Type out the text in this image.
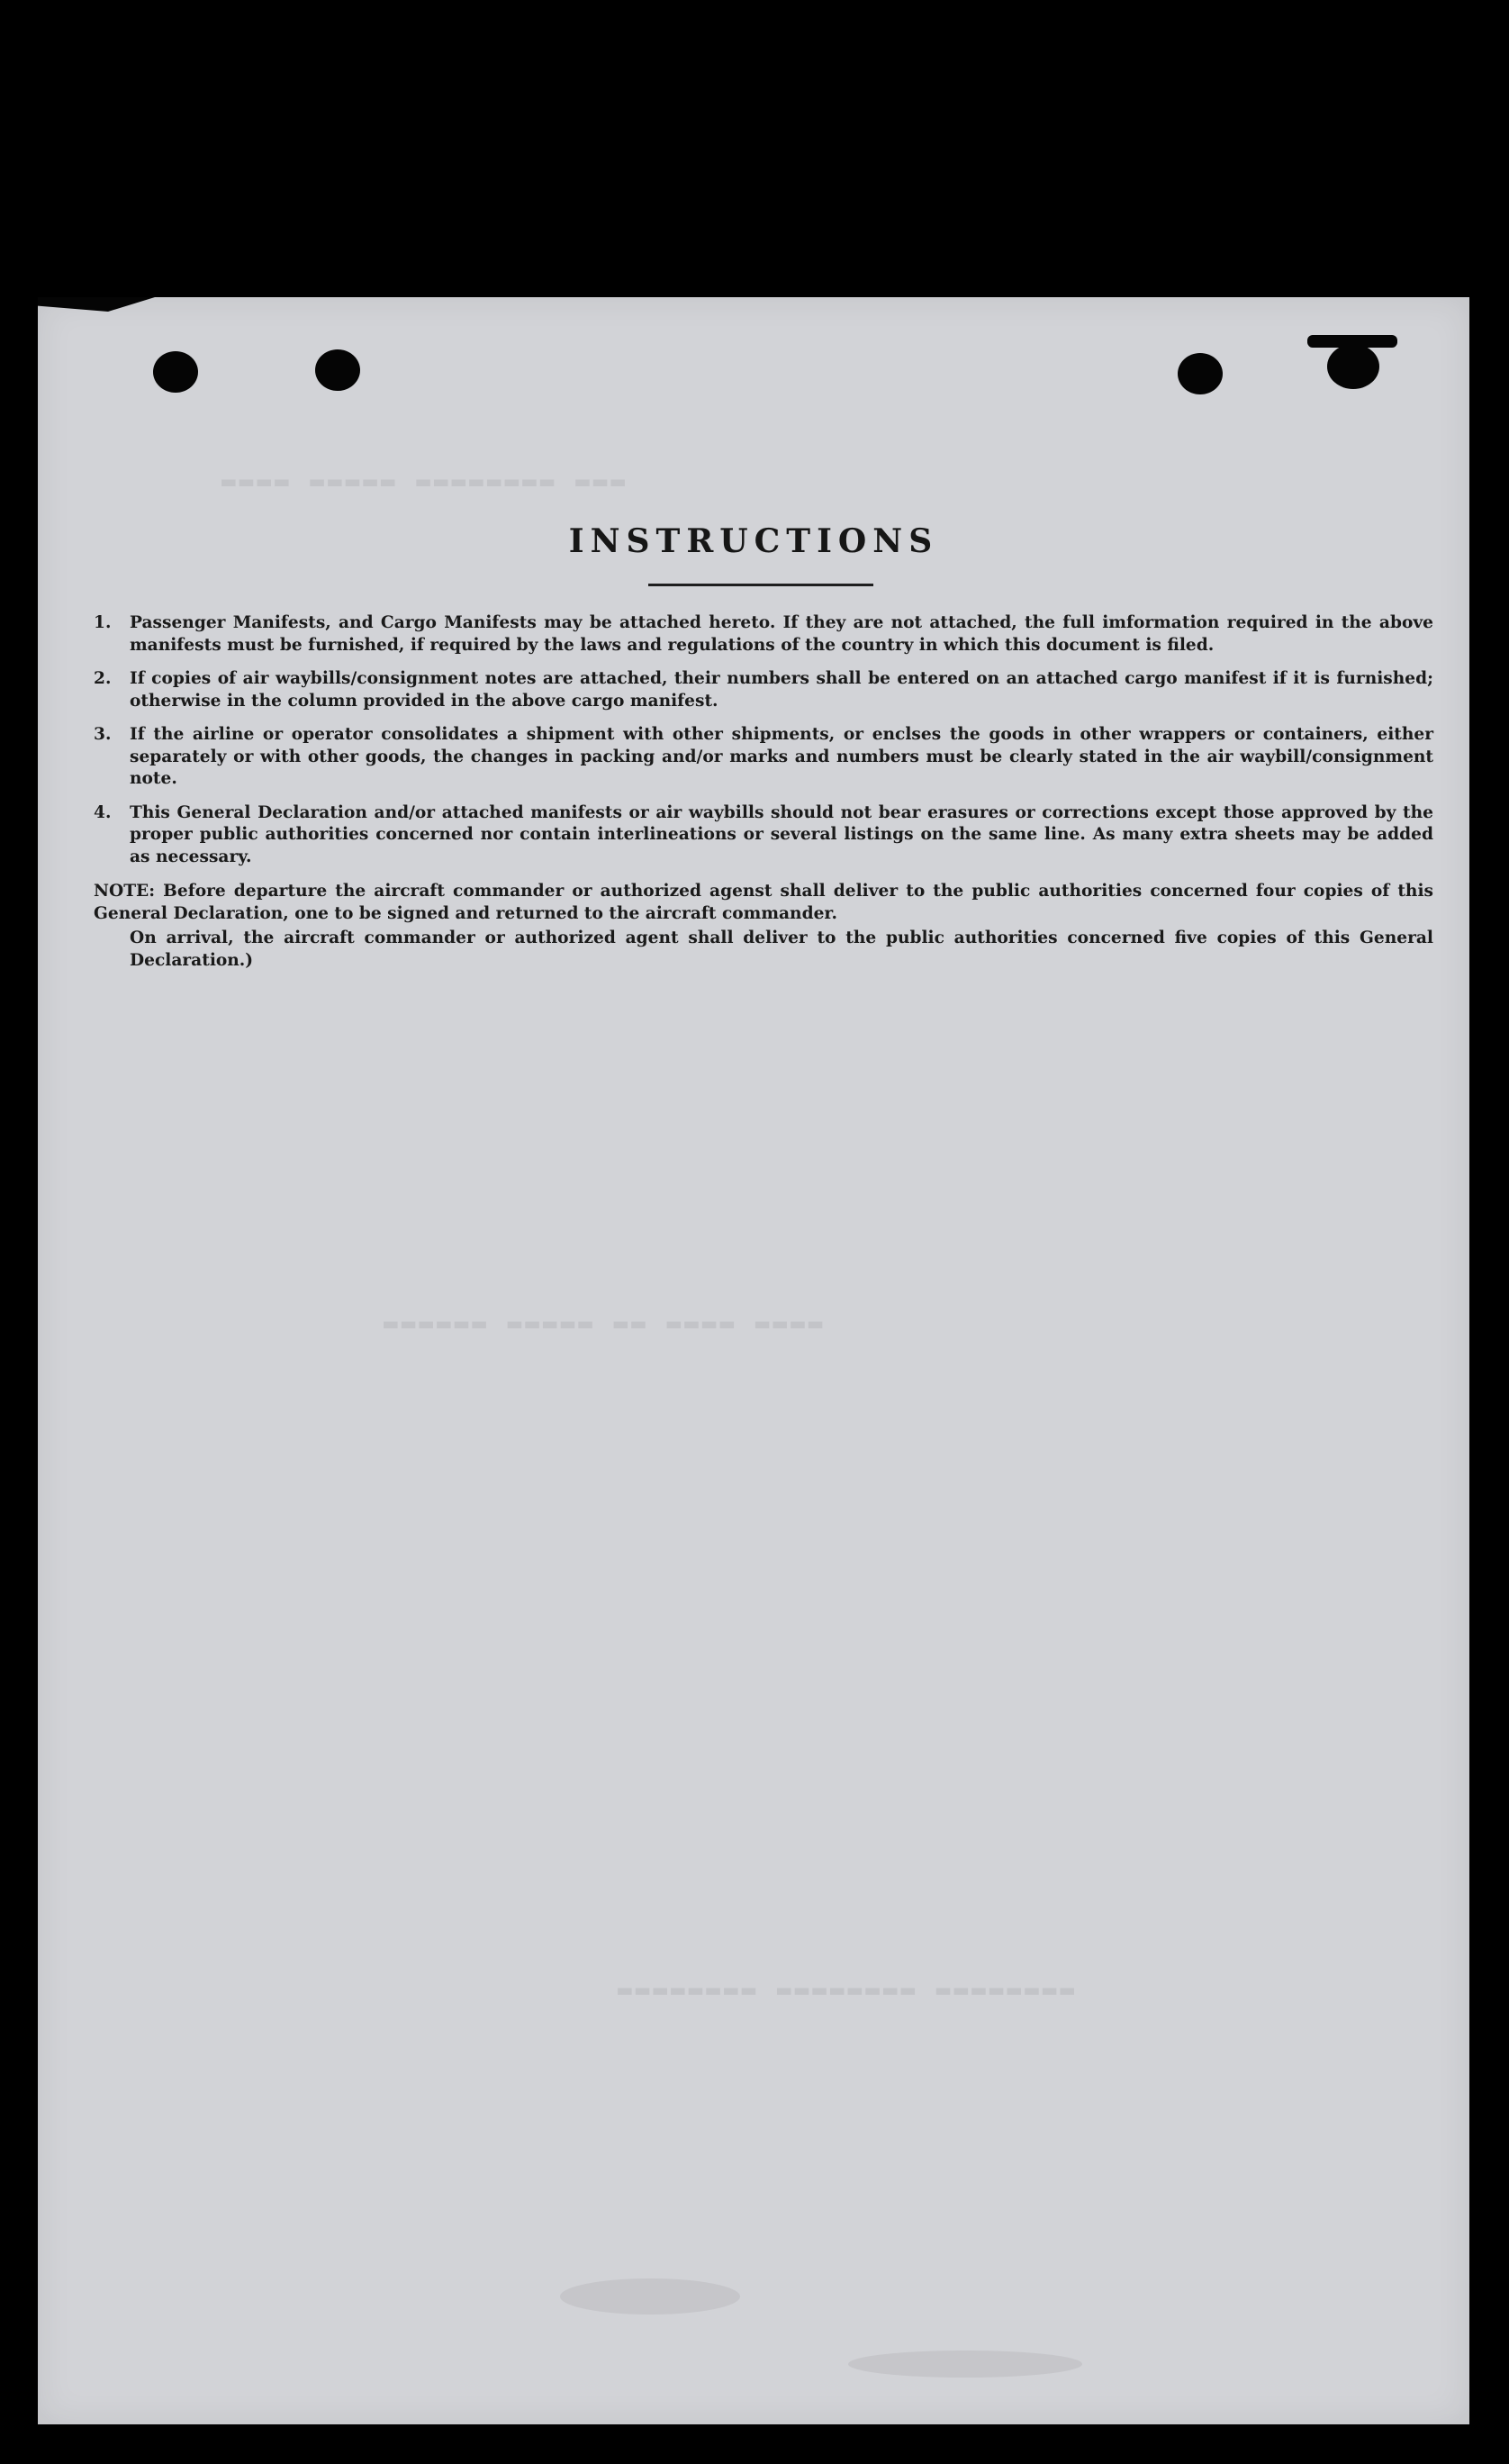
▬▬▬▬ ▬▬▬▬ ▬▬ ▬▬▬▬▬ ▬▬▬▬▬▬
▬▬▬▬▬▬▬▬ ▬▬▬▬▬▬▬▬ ▬▬▬▬▬▬▬▬
▬▬▬ ▬▬▬▬▬▬▬▬ ▬▬▬▬▬ ▬▬▬▬
INSTRUCTIONS
1. Passenger Manifests, and Cargo Manifests may be attached hereto. If they are not attached, the full imformation required in the above manifests must be furnished, if required by the laws and regulations of the country in which this document is filed.
2. If copies of air waybills/consignment notes are attached, their numbers shall be entered on an attached cargo manifest if it is furnished; otherwise in the column provided in the above cargo manifest.
3. If the airline or operator consolidates a shipment with other shipments, or enclses the goods in other wrappers or containers, either separately or with other goods, the changes in packing and/or marks and numbers must be clearly stated in the air waybill/consignment note.
4. This General Declaration and/or attached manifests or air waybills should not bear erasures or corrections except those approved by the proper public authorities concerned nor contain interlineations or several listings on the same line. As many extra sheets may be added as necessary.

NOTE: Before departure the aircraft commander or authorized agenst shall deliver to the public authorities concerned four copies of this General Declaration, one to be signed and returned to the aircraft commander.

On arrival, the aircraft commander or authorized agent shall deliver to the public authorities concerned five copies of this General Declaration.)
